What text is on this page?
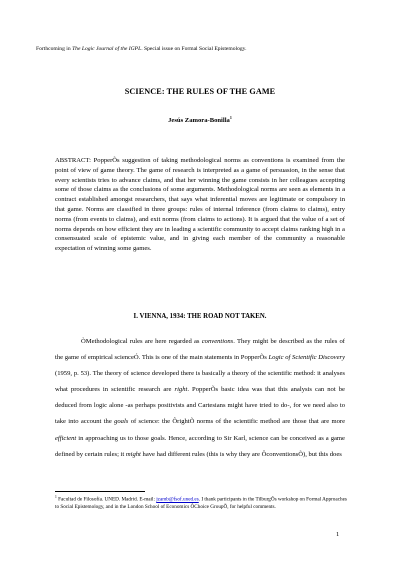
Forthcoming in The Logic Journal of the IGPL. Special issue on Formal Social Epistemology.
SCIENCE: THE RULES OF THE GAME
Jesús Zamora-Bonilla$^1$
ABSTRACT: PopperÕs suggestion of taking methodological norms as conventions is examined from the point of view of game theory. The game of research is interpreted as a game of persuasion, in the sense that every scientists tries to advance claims, and that her winning the game consists in her colleagues accepting some of those claims as the conclusions of some arguments. Methodological norms are seen as elements in a contract established amongst researchers, that says what inferential moves are legitimate or compulsory in that game. Norms are classified in three groups: rules of internal inference (from claims to claims), entry norms (from events to claims), and exit norms (from claims to actions). It is argued that the value of a set of norms depends on how efficient they are in leading a scientific community to accept claims ranking high in a consensuated scale of epistemic value, and in giving each member of the community a reasonable expectation of winning some games.
I. VIENNA, 1934: THE ROAD NOT TAKEN.

ÒMethodological rules are here regarded as conventions. They might be described as the rules of the game of empirical scienceÓ. This is one of the main statements in PopperÕs Logic of Scientific Discovery (1959, p. 53). The theory of science developed there is basically a theory of the scientific method: it analyses what procedures in scientific research are right. PopperÕs basic idea was that this analysis can not be deduced from logic alone -as perhaps positivists and Cartesians might have tried to do-, for we need also to take into account the goals of science: the ÔrightÕ norms of the scientific method are those that are more efficient in approaching us to those goals. Hence, according to Sir Karl, science can be conceived as a game defined by certain rules; it might have had different rules (this is why they are ÔconventionsÕ), but this does

$^1$ Facultad de Filosofía. UNED. Madrid. E-mail: jzamb@fsof.uned.es. I thank participants in the TilburgÕs workshop on Formal Approaches to Social Epistemology, and in the London School of Economics ÔChoice GroupÕ, for helpful comments.
1
